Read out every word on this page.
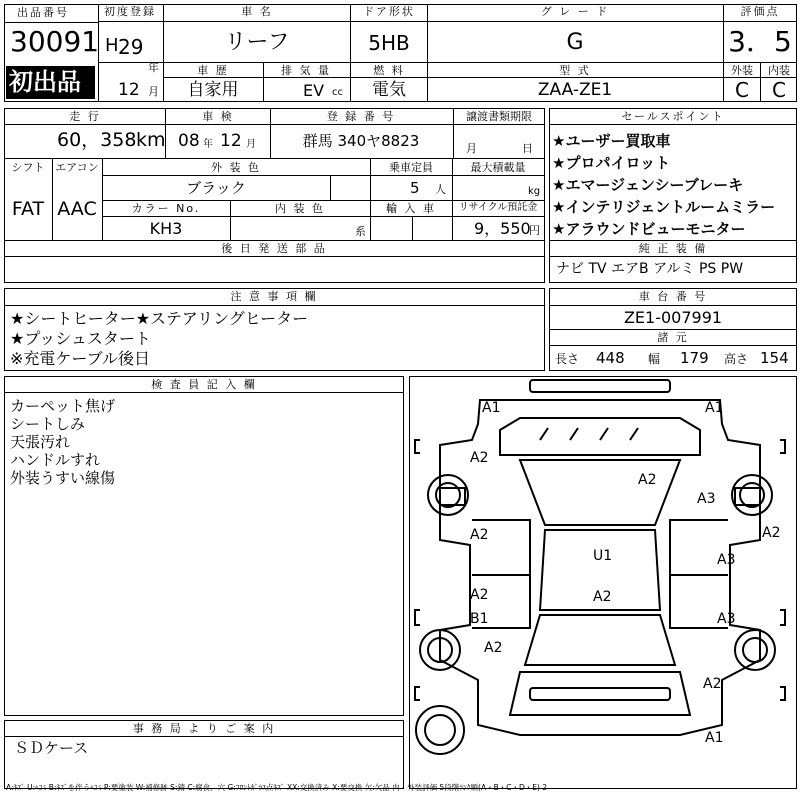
出品番号
30091
初出品
初度登録
H 29
年
12 月
車 名
リーフ
ドア形状
5HB
グ レ ー ド
G
評価点
3．5
車 歴
自家用
排 気 量
EV cc
燃 料
電気
型 式
ZAA-ZE1
外装 内装
C C
走 行
60，358 km
車 検
08 年 12 月
登 録 番 号
群馬 340ヤ8823
譲渡書類期限
月	日
シフト エアコン
FAT AAC
外 装 色
ブラック
乗車定員
5 人
最大積載量
kg
カラー No.
KH3
内 装 色
系
輸 入 車 リサイクル預託金
9，550
円
後 日 発 送 部 品
セールスポイント
★ユーザー買取車
★プロパイロット
★エマージェンシーブレーキ
★インテリジェントルームミラー
★アラウンドビューモニター
純 正 装 備
ナビ TV エアB アルミ PS PW
注 意 事 項 欄
★シートヒーター★ステアリングヒーター
★プッシュスタート
※充電ケーブル後日
車 台 番 号
ZE1-007991
諸 元
長さ 448 幅 179 高さ 154
検 査 員 記 入 欄
カーペット焦げ
シートしみ
天張汚れ
ハンドルすれ
外装うすい線傷
事 務 局 よ り ご 案 内
ＳＤケース
A1	A1
A2
A2
A3
A2	A2
U1	A3
A2	A2
B1	A3
A2
A2
A1
A:ｷｽﾞ U:ﾍｺﾐ B:ｷｽﾞを伴うﾍｺﾐ P:要塗装 W:補修跡 S:錆 C:腐食、穴 G:ﾌﾛﾝﾄｶﾞﾗｽ点ｷｽﾞ XX:交換済み X:要交換 欠:欠品 内・外装評価 5段階ﾗﾝｸ順(A・B・C・D・E) 2
